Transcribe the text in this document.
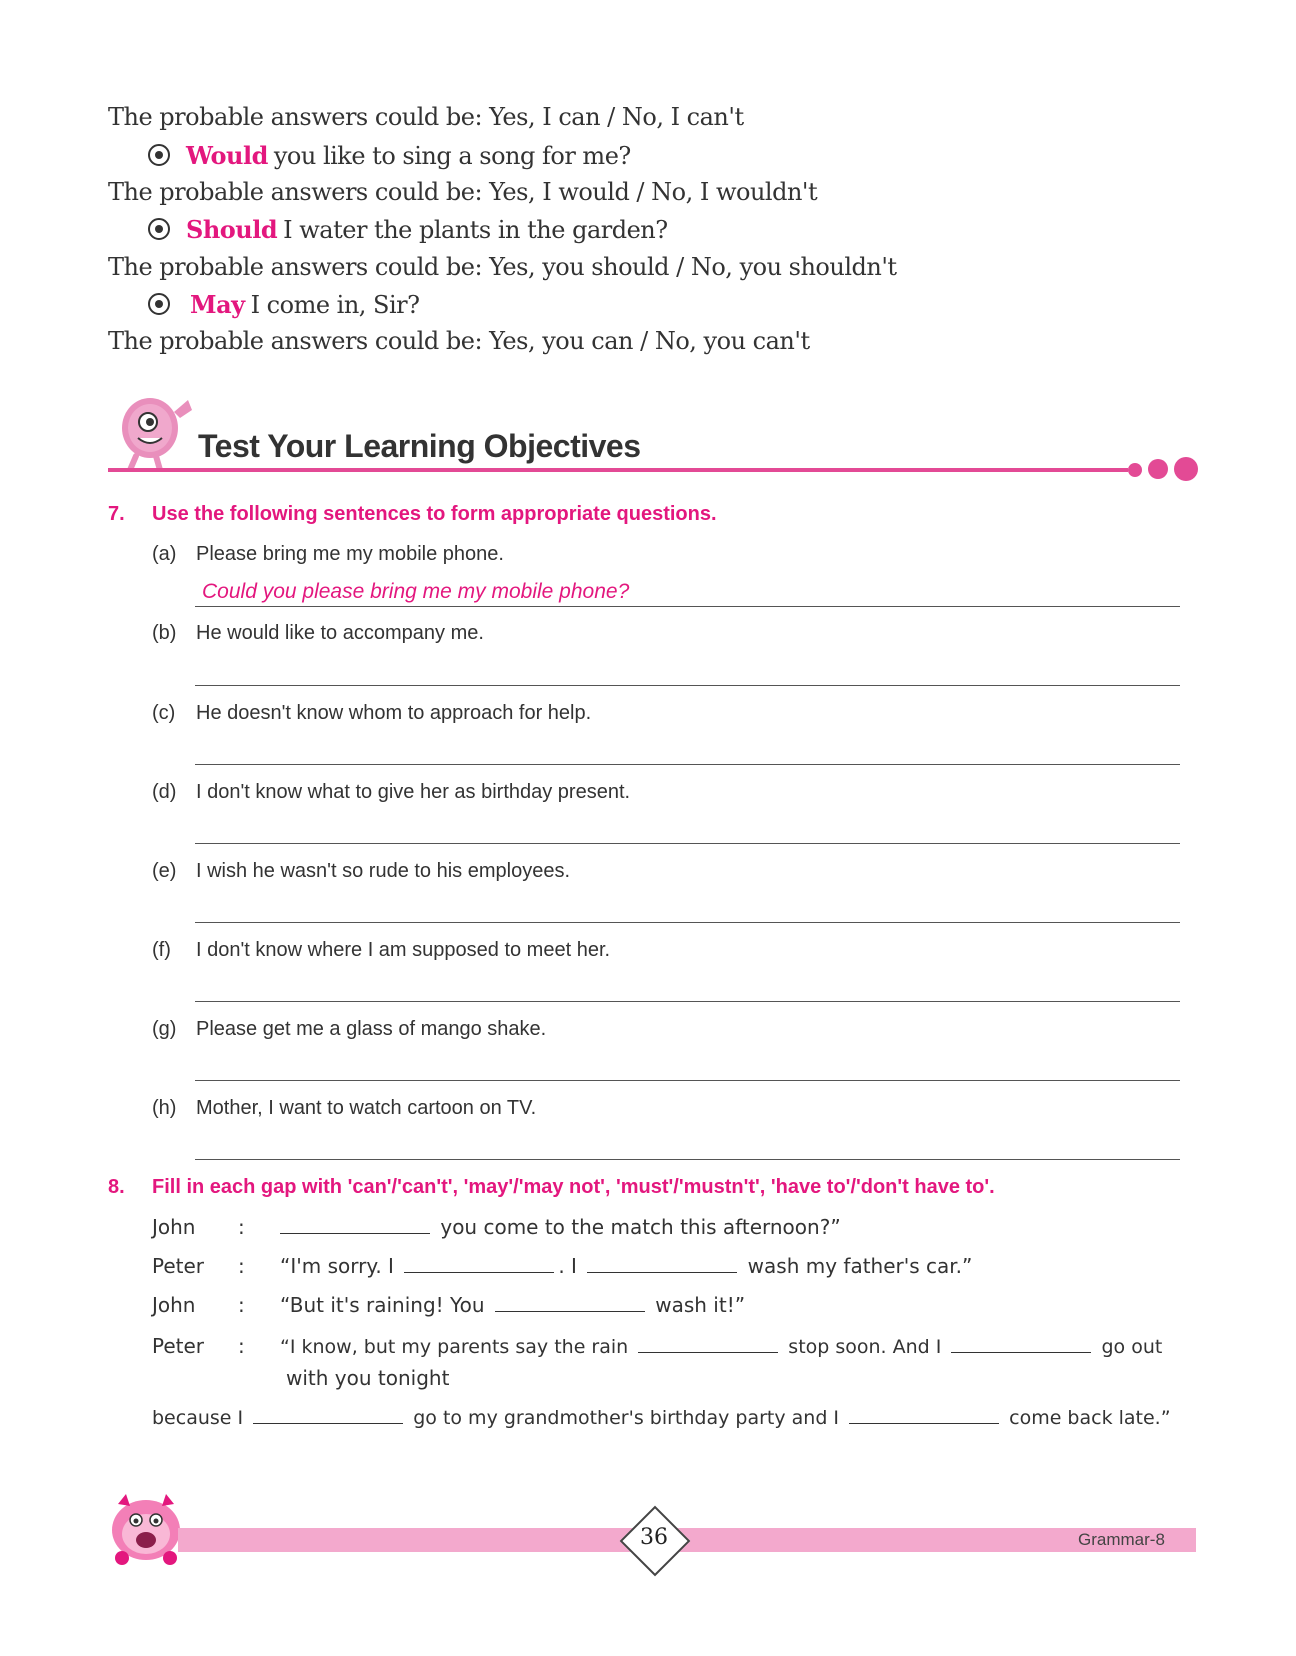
The probable answers could be: Yes, I can / No, I can't
Would you like to sing a song for me?
The probable answers could be: Yes, I would / No, I wouldn't
Should I water the plants in the garden?
The probable answers could be: Yes, you should / No, you shouldn't
May I come in, Sir?
The probable answers could be: Yes, you can / No, you can't
Test Your Learning Objectives
7. Use the following sentences to form appropriate questions.
(a) Please bring me my mobile phone.
Could you please bring me my mobile phone?
(b) He would like to accompany me.
(c) He doesn't know whom to approach for help.
(d) I don't know what to give her as birthday present.
(e) I wish he wasn't so rude to his employees.
(f) I don't know where I am supposed to meet her.
(g) Please get me a glass of mango shake.
(h) Mother, I want to watch cartoon on TV.
8. Fill in each gap with 'can'/'can't', 'may'/'may not', 'must'/'mustn't', 'have to'/'don't have to'.
John :	you come to the match this afternoon?”
Peter : “I'm sorry. I	. I	wash my father's car.”
John : “But it's raining! You	wash it!”
Peter : “I know, but my parents say the rain	stop soon. And I	go out
with you tonight
because I	go to my grandmother's birthday party and I	come back late.”
36	Grammar-8
